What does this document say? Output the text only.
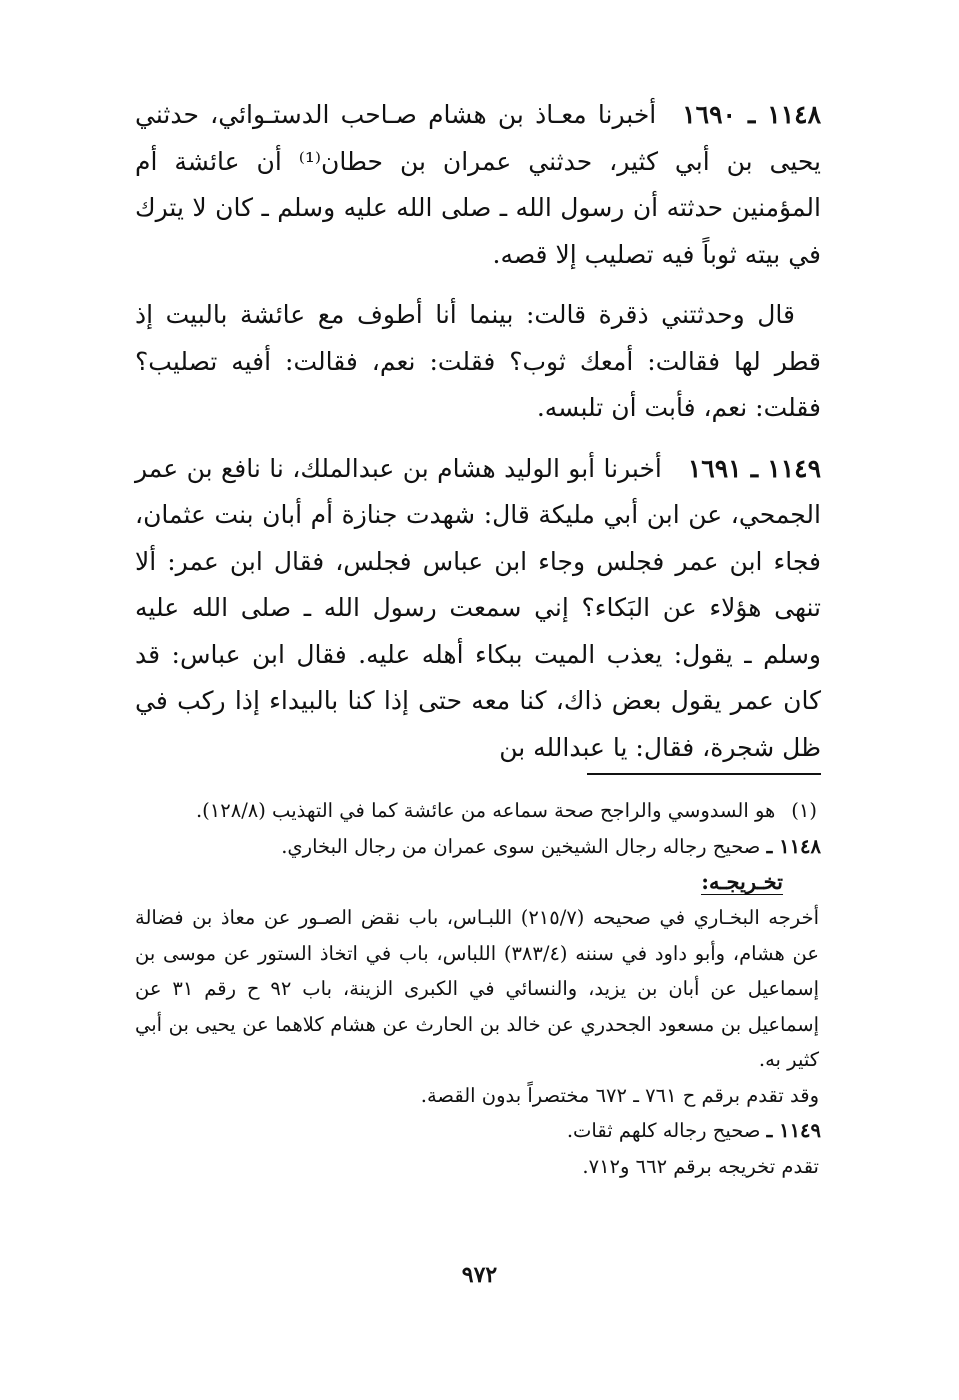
١١٤٨ ـ ١٦٩٠أخبرنا معـاذ بن هشام صـاحب الدستـوائي، حدثني يحيى بن أبي كثير، حدثني عمران بن حطان⁽¹⁾ أن عائشة أم المؤمنين حدثته أن رسول الله ـ صلى الله عليه وسلم ـ كان لا يترك في بيته ثوباً فيه تصليب إلا قصه.

قال وحدثتني ذقرة قالت: بينما أنا أطوف مع عائشة بالبيت إذ قطر لها فقالت: أمعك ثوب؟ فقلت: نعم، فقالت: أفيه تصليب؟ فقلت: نعم، فأبت أن تلبسه.

١١٤٩ ـ ١٦٩١أخبرنا أبو الوليد هشام بن عبدالملك، نا نافع بن عمر الجمحي، عن ابن أبي مليكة قال: شهدت جنازة أم أبان بنت عثمان، فجاء ابن عمر فجلس وجاء ابن عباس فجلس، فقال ابن عمر: ألا تنهى هؤلاء عن البَكاء؟ إني سمعت رسول الله ـ صلى الله عليه وسلم ـ يقول: يعذب الميت ببكاء أهله عليه. فقال ابن عباس: قد كان عمر يقول بعض ذاك، كنا معه حتى إذا كنا بالبيداء إذا ركب في ظل شجرة، فقال: يا عبدالله بن

(١)هو السدوسي والراجح صحة سماعه من عائشة كما في التهذيب (١٢٨/٨).

١١٤٨ ـ صحيح رجاله رجال الشيخين سوى عمران من رجال البخاري.

تخـريجـه:

أخرجه البخـاري في صحيحه (٢١٥/٧) اللبـاس، باب نقض الصـور عن معاذ بن فضالة عن هشام، وأبو داود في سننه (٣٨٣/٤) اللباس، باب في اتخاذ الستور عن موسى بن إسماعيل عن أبان بن يزيد، والنسائي في الكبرى الزينة، باب ٩٢ ح رقم ٣١ عن إسماعيل بن مسعود الجحدري عن خالد بن الحارث عن هشام كلاهما عن يحيى بن أبي كثير به.

وقد تقدم برقم ح ٧٦١ ـ ٦٧٢ مختصراً بدون القصة.

١١٤٩ ـ صحيح رجاله كلهم ثقات.

تقدم تخريجه برقم ٦٦٢ و٧١٢.

٩٧٢
